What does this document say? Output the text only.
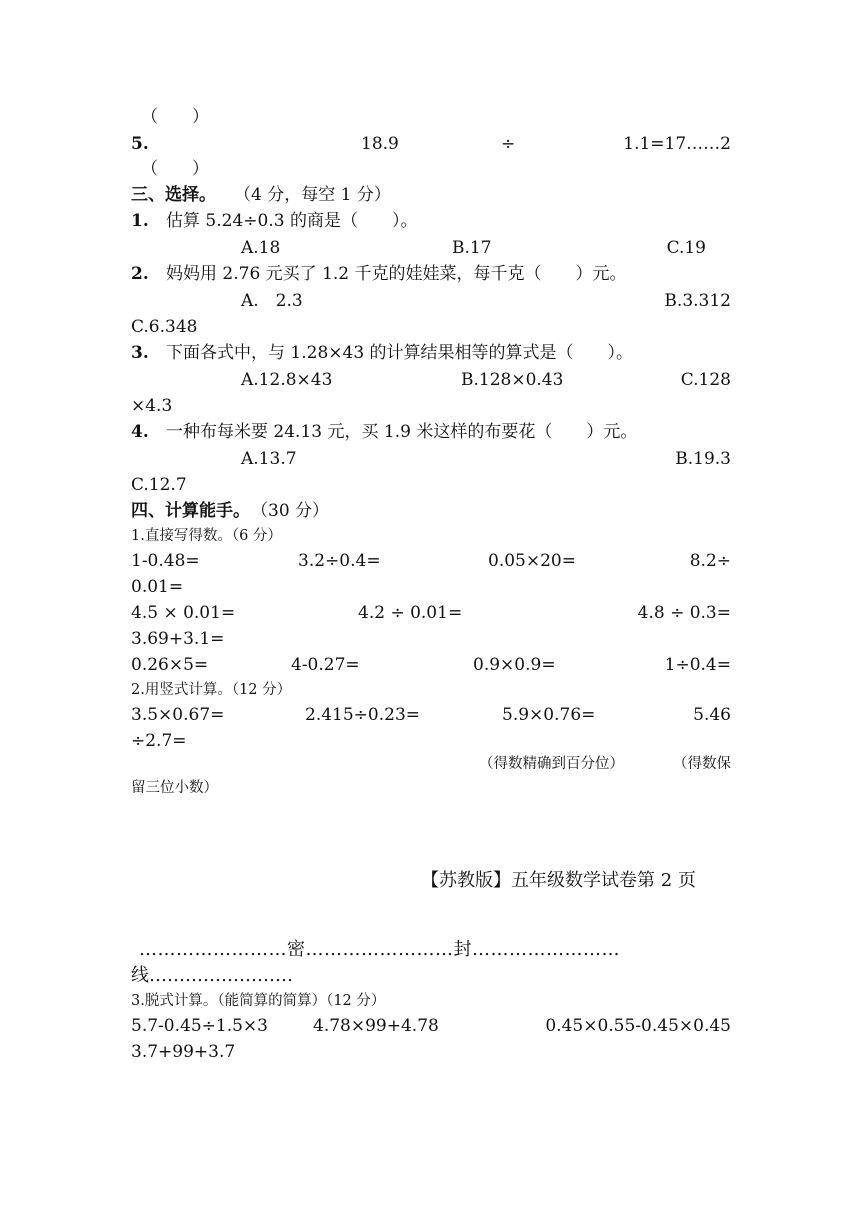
（　　）
5.	18.9	÷	1.1=17……2
（　　）
三、选择。 （4 分，每空 1 分）
1. 估算 5.24÷0.3 的商是（　　）。
A.18	B.17	C.19
2. 妈妈用 2.76 元买了 1.2 千克的娃娃菜，每千克（　　）元。
A.　2.3	B.3.312
C.6.348
3. 下面各式中，与 1.28×43 的计算结果相等的算式是（　　）。
A.12.8×43	B.128×0.43	C.128
×4.3
4. 一种布每米要 24.13 元，买 1.9 米这样的布要花（　　）元。
A.13.7	B.19.3
C.12.7
四、计算能手。 （30 分）
1.直接写得数。（6 分）
1-0.48=	3.2÷0.4=	0.05×20=	8.2÷
0.01=
4.5 × 0.01=	4.2 ÷ 0.01=	4.8 ÷ 0.3=
3.69+3.1=
0.26×5=	4-0.27=	0.9×0.9=	1÷0.4=
2.用竖式计算。（12 分）
3.5×0.67=	2.415÷0.23=	5.9×0.76=	5.46
÷2.7=
（得数精确到百分位）	（得数保
留三位小数）
【苏教版】五年级数学试卷第 2 页
……………………密……………………封……………………
线……………………
3.脱式计算。（能简算的简算）（12 分）
5.7-0.45÷1.5×3	4.78×99+4.78	0.45×0.55-0.45×0.45
3.7+99+3.7
